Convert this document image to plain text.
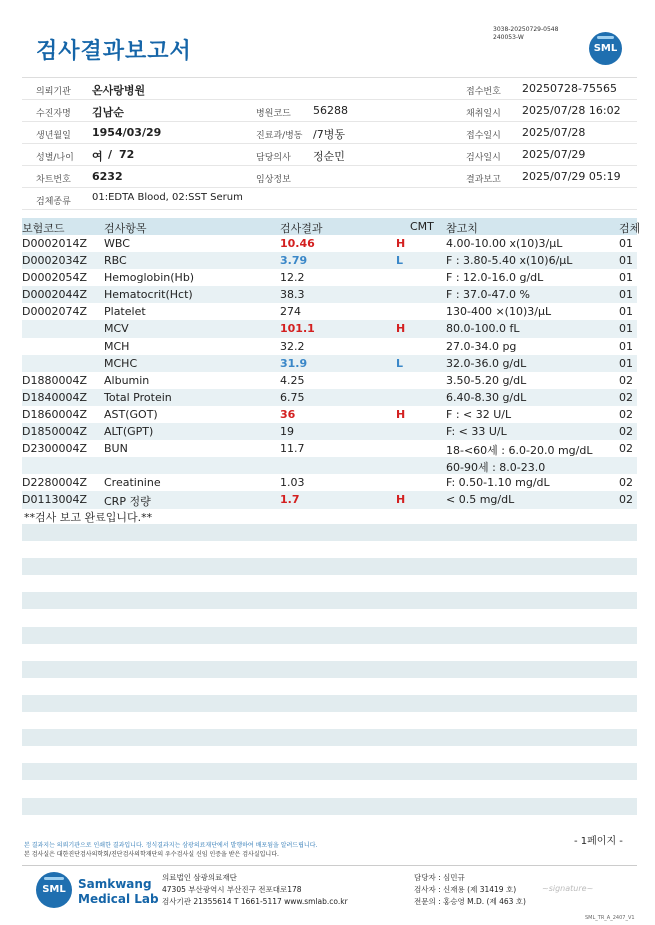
3038-20250729-0548
240053-W
검사결과보고서	SML
의뢰기관 온사랑병원	접수번호 20250728-75565
수진자명 김남순	병원코드 56288	채취일시 2025/07/28 16:02
생년월일 1954/03/29	진료과/병동 /7병동	접수일시 2025/07/28
성별/나이 여 / 72	담당의사 정순민	검사일시 2025/07/29
차트번호 6232	임상정보	결과보고 2025/07/29 05:19
검체종류 01:EDTA Blood, 02:SST Serum
보험코드	검사항목	검사결과	CMT 참고치	검체
D0002014Z WBC	10.46	H	4.00-10.00 x(10)3/µL	01
D0002034Z RBC	3.79	L	F : 3.80-5.40 x(10)6/µL	01
D0002054Z Hemoglobin(Hb)	12.2	F : 12.0-16.0 g/dL	01
D0002044Z Hematocrit(Hct)	38.3	F : 37.0-47.0 %	01
D0002074Z Platelet	274	130-400 ×(10)3/µL	01
MCV	101.1	H	80.0-100.0 fL	01
MCH	32.2	27.0-34.0 pg	01
MCHC	31.9	L	32.0-36.0 g/dL	01
D1880004Z Albumin	4.25	3.50-5.20 g/dL	02
D1840004Z Total Protein	6.75	6.40-8.30 g/dL	02
D1860004Z AST(GOT)	36	H	F : < 32 U/L	02
D1850004Z ALT(GPT)	19	F: < 33 U/L	02
D2300004Z BUN	11.7	18-<60세 : 6.0-20.0 mg/dL 02
60-90세 : 8.0-23.0
D2280004Z Creatinine	1.03	F: 0.50-1.10 mg/dL	02
D0113004Z CRP 정량	1.7	H	< 0.5 mg/dL	02
**검사 보고 완료입니다.**
- 1페이지 -
본 결과지는 의뢰기관으로 인쇄한 결과입니다. 정식결과지는 삼광의료재단에서 발행하여 배포됨을 알려드립니다.
본 검사실은 대한진단검사의학회/진단검사의학재단의 우수검사실 신임 인증을 받은 검사실입니다.
SML	Samkwang
Medical Lab
의료법인 삼광의료재단
47305 부산광역시 부산진구 전포대로178
검사기관 21355614 T 1661-5117 www.smlab.co.kr
담당자 : 심민규
검사자 : 신재용 (제 31419 호)
전문의 : 홍승영 M.D. (제 463 호)
~signature~
SML_TR_A_2407_V1
